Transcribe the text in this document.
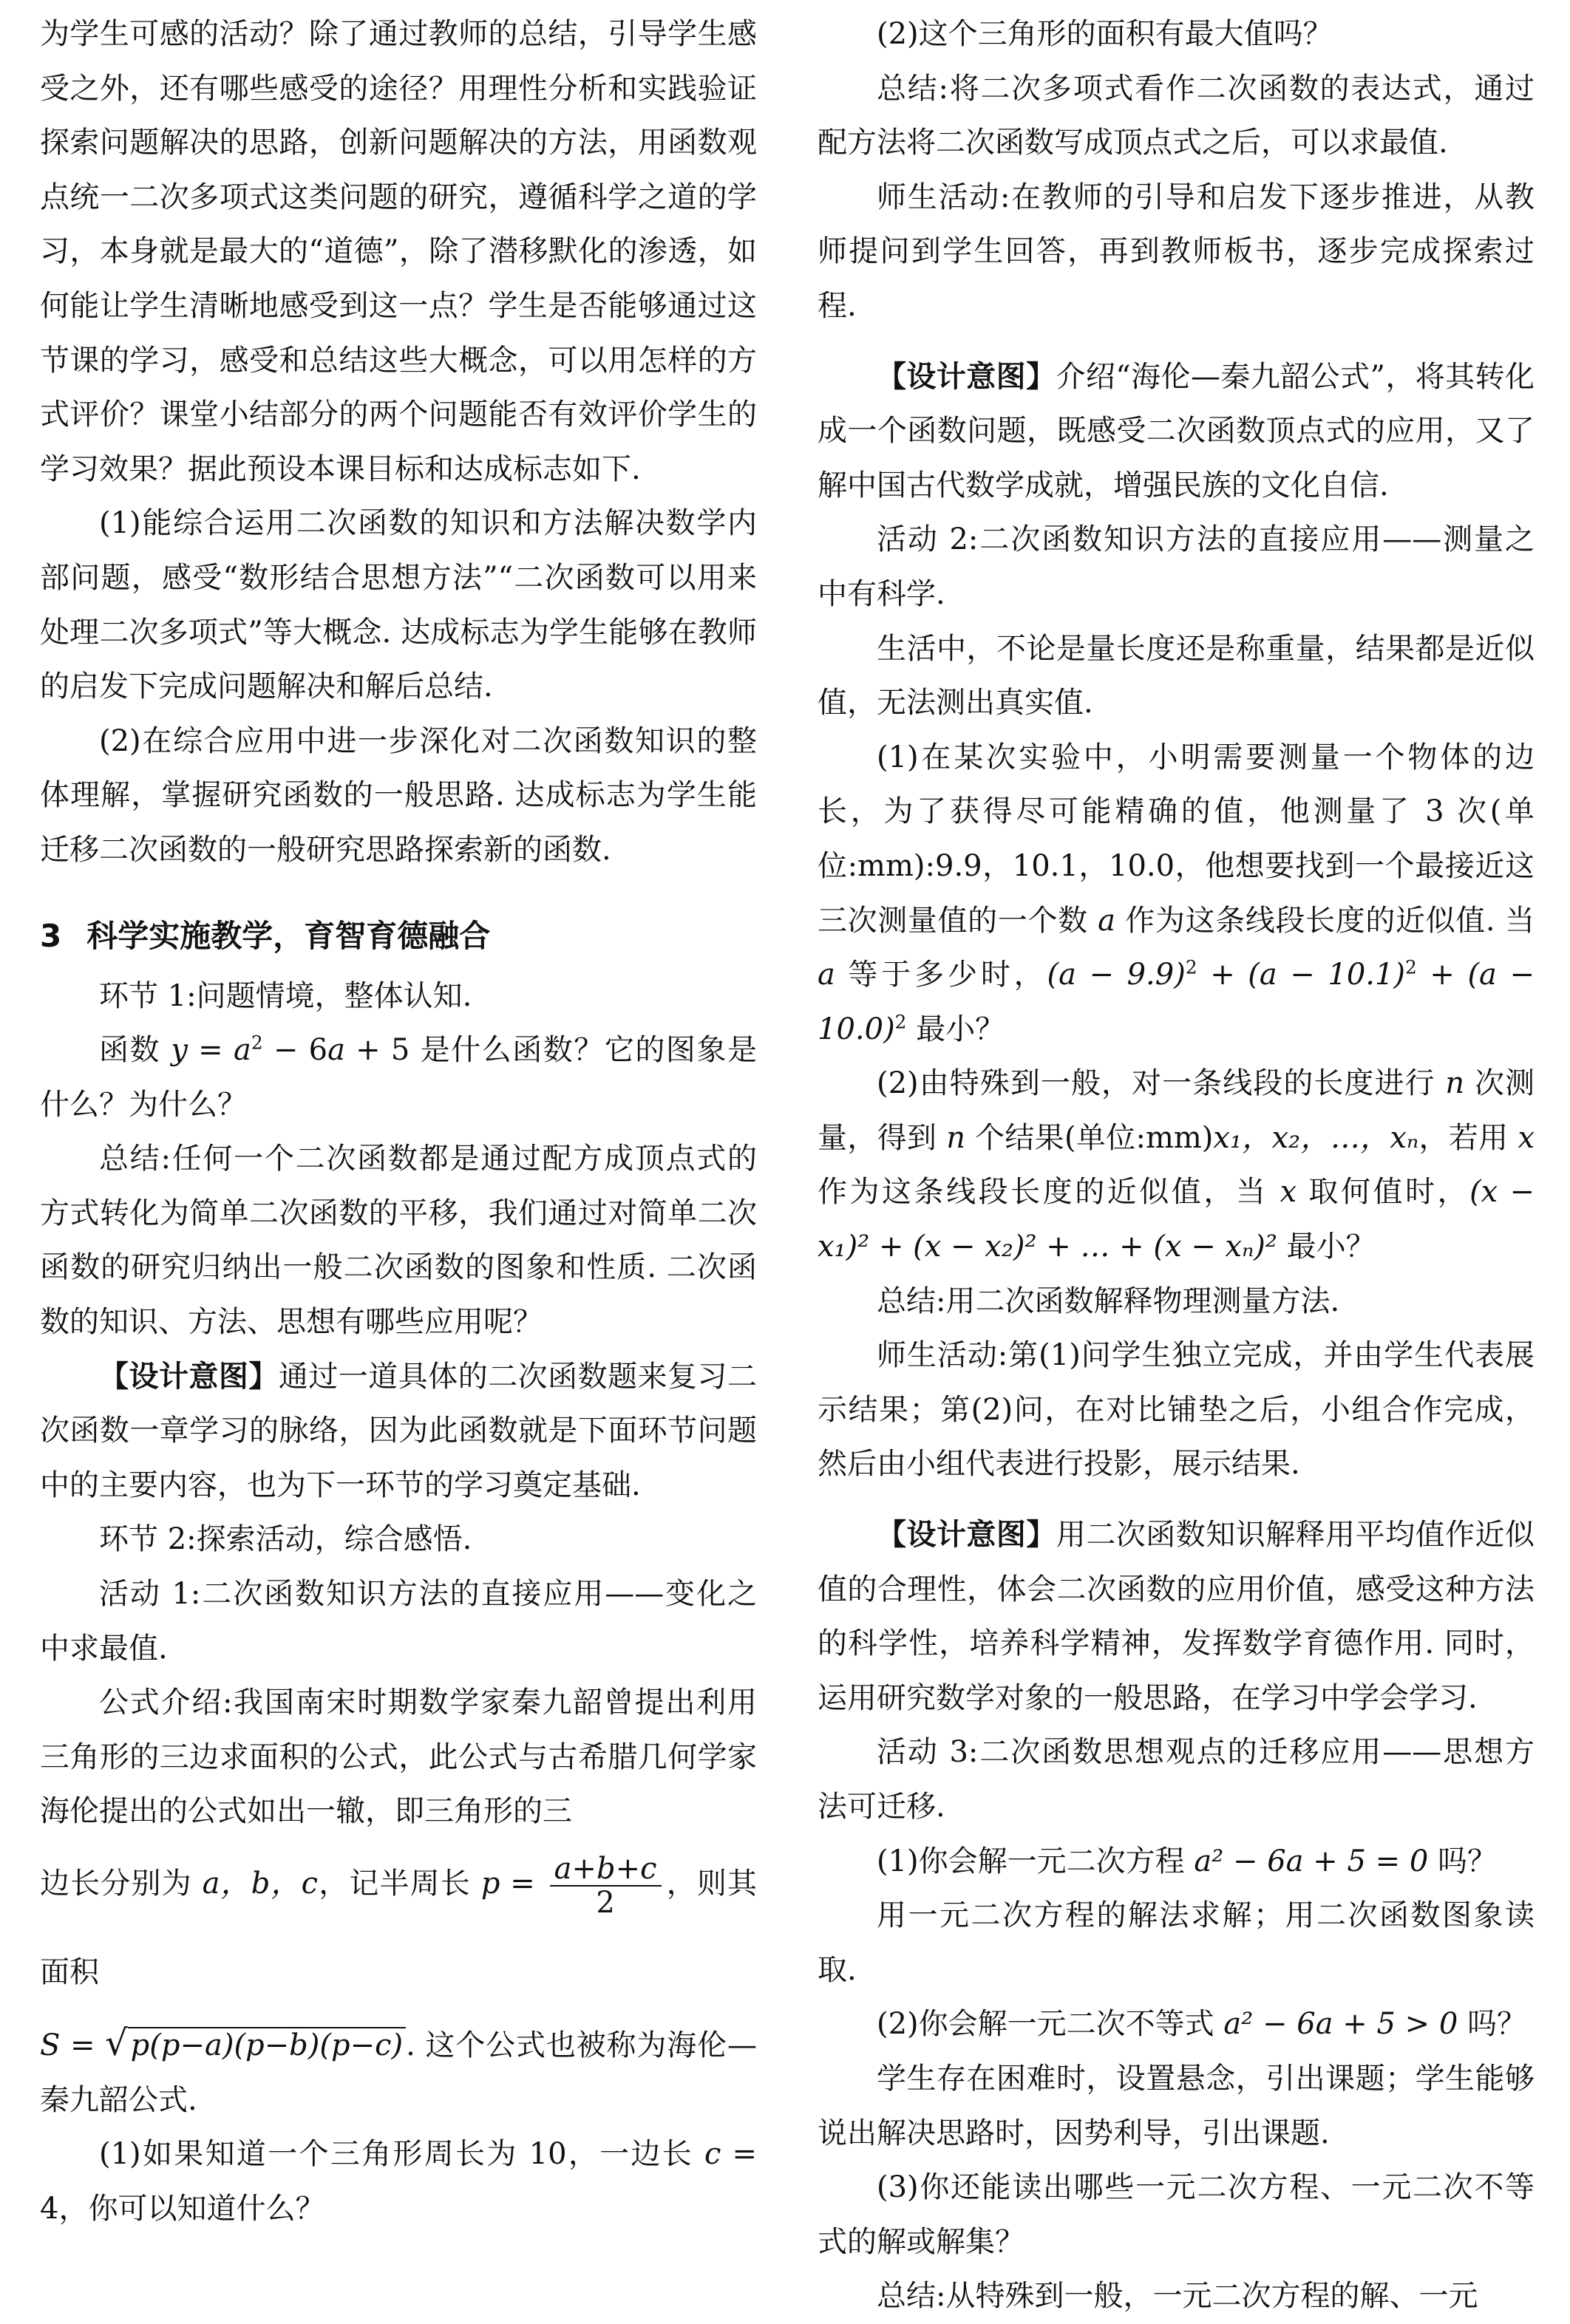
为学生可感的活动？除了通过教师的总结，引导学生感受之外，还有哪些感受的途径？用理性分析和实践验证探索问题解决的思路，创新问题解决的方法，用函数观点统一二次多项式这类问题的研究，遵循科学之道的学习，本身就是最大的“道德”，除了潜移默化的渗透，如何能让学生清晰地感受到这一点？学生是否能够通过这节课的学习，感受和总结这些大概念，可以用怎样的方式评价？课堂小结部分的两个问题能否有效评价学生的学习效果？据此预设本课目标和达成标志如下.

(1)能综合运用二次函数的知识和方法解决数学内部问题，感受“数形结合思想方法”“二次函数可以用来处理二次多项式”等大概念. 达成标志为学生能够在教师的启发下完成问题解决和解后总结.

(2)在综合应用中进一步深化对二次函数知识的整体理解，掌握研究函数的一般思路. 达成标志为学生能迁移二次函数的一般研究思路探索新的函数.

3 科学实施教学，育智育德融合

环节 1:问题情境，整体认知.

函数 $y = a^2 - 6a + 5$ 是什么函数？它的图象是什么？为什么？

总结:任何一个二次函数都是通过配方成顶点式的方式转化为简单二次函数的平移，我们通过对简单二次函数的研究归纳出一般二次函数的图象和性质. 二次函数的知识、方法、思想有哪些应用呢？

【设计意图】通过一道具体的二次函数题来复习二次函数一章学习的脉络，因为此函数就是下面环节问题中的主要内容，也为下一环节的学习奠定基础.

环节 2:探索活动，综合感悟.

活动 1:二次函数知识方法的直接应用——变化之中求最值.

公式介绍:我国南宋时期数学家秦九韶曾提出利用三角形的三边求面积的公式，此公式与古希腊几何学家海伦提出的公式如出一辙，即三角形的三

边长分别为 a，b，c，记半周长 $p = \frac{a+b+c}{2}$ ，则其面积

S = √ p(p−a)(p−b)(p−c) . 这个公式也被称为海伦—秦九韶公式.

(1)如果知道一个三角形周长为 10，一边长 c = 4，你可以知道什么？

(2)这个三角形的面积有最大值吗？

总结:将二次多项式看作二次函数的表达式，通过配方法将二次函数写成顶点式之后，可以求最值.

师生活动:在教师的引导和启发下逐步推进，从教师提问到学生回答，再到教师板书，逐步完成探索过程.

【设计意图】介绍“海伦—秦九韶公式”，将其转化成一个函数问题，既感受二次函数顶点式的应用，又了解中国古代数学成就，增强民族的文化自信.

活动 2:二次函数知识方法的直接应用——测量之中有科学.

生活中，不论是量长度还是称重量，结果都是近似值，无法测出真实值.

(1)在某次实验中，小明需要测量一个物体的边长，为了获得尽可能精确的值，他测量了 3 次(单位:mm):9.9，10.1，10.0，他想要找到一个最接近这三次测量值的一个数 a 作为这条线段长度的近似值. 当 a 等于多少时，$(a - 9.9)^2 + (a - 10.1)^2 + (a - 10.0)^2$ 最小？

(2)由特殊到一般，对一条线段的长度进行 n 次测量，得到 n 个结果(单位:mm)x₁，x₂，…，xₙ，若用 x 作为这条线段长度的近似值，当 x 取何值时，(x − x₁)² + (x − x₂)² + … + (x − xₙ)² 最小？

总结:用二次函数解释物理测量方法.

师生活动:第(1)问学生独立完成，并由学生代表展示结果；第(2)问，在对比铺垫之后，小组合作完成，然后由小组代表进行投影，展示结果.

【设计意图】用二次函数知识解释用平均值作近似值的合理性，体会二次函数的应用价值，感受这种方法的科学性，培养科学精神，发挥数学育德作用. 同时，运用研究数学对象的一般思路，在学习中学会学习.

活动 3:二次函数思想观点的迁移应用——思想方法可迁移.

(1)你会解一元二次方程 a² − 6a + 5 = 0 吗？

用一元二次方程的解法求解；用二次函数图象读取.

(2)你会解一元二次不等式 a² − 6a + 5 > 0 吗？

学生存在困难时，设置悬念，引出课题；学生能够说出解决思路时，因势利导，引出课题.

(3)你还能读出哪些一元二次方程、一元二次不等式的解或解集？

总结:从特殊到一般，一元二次方程的解、一元
